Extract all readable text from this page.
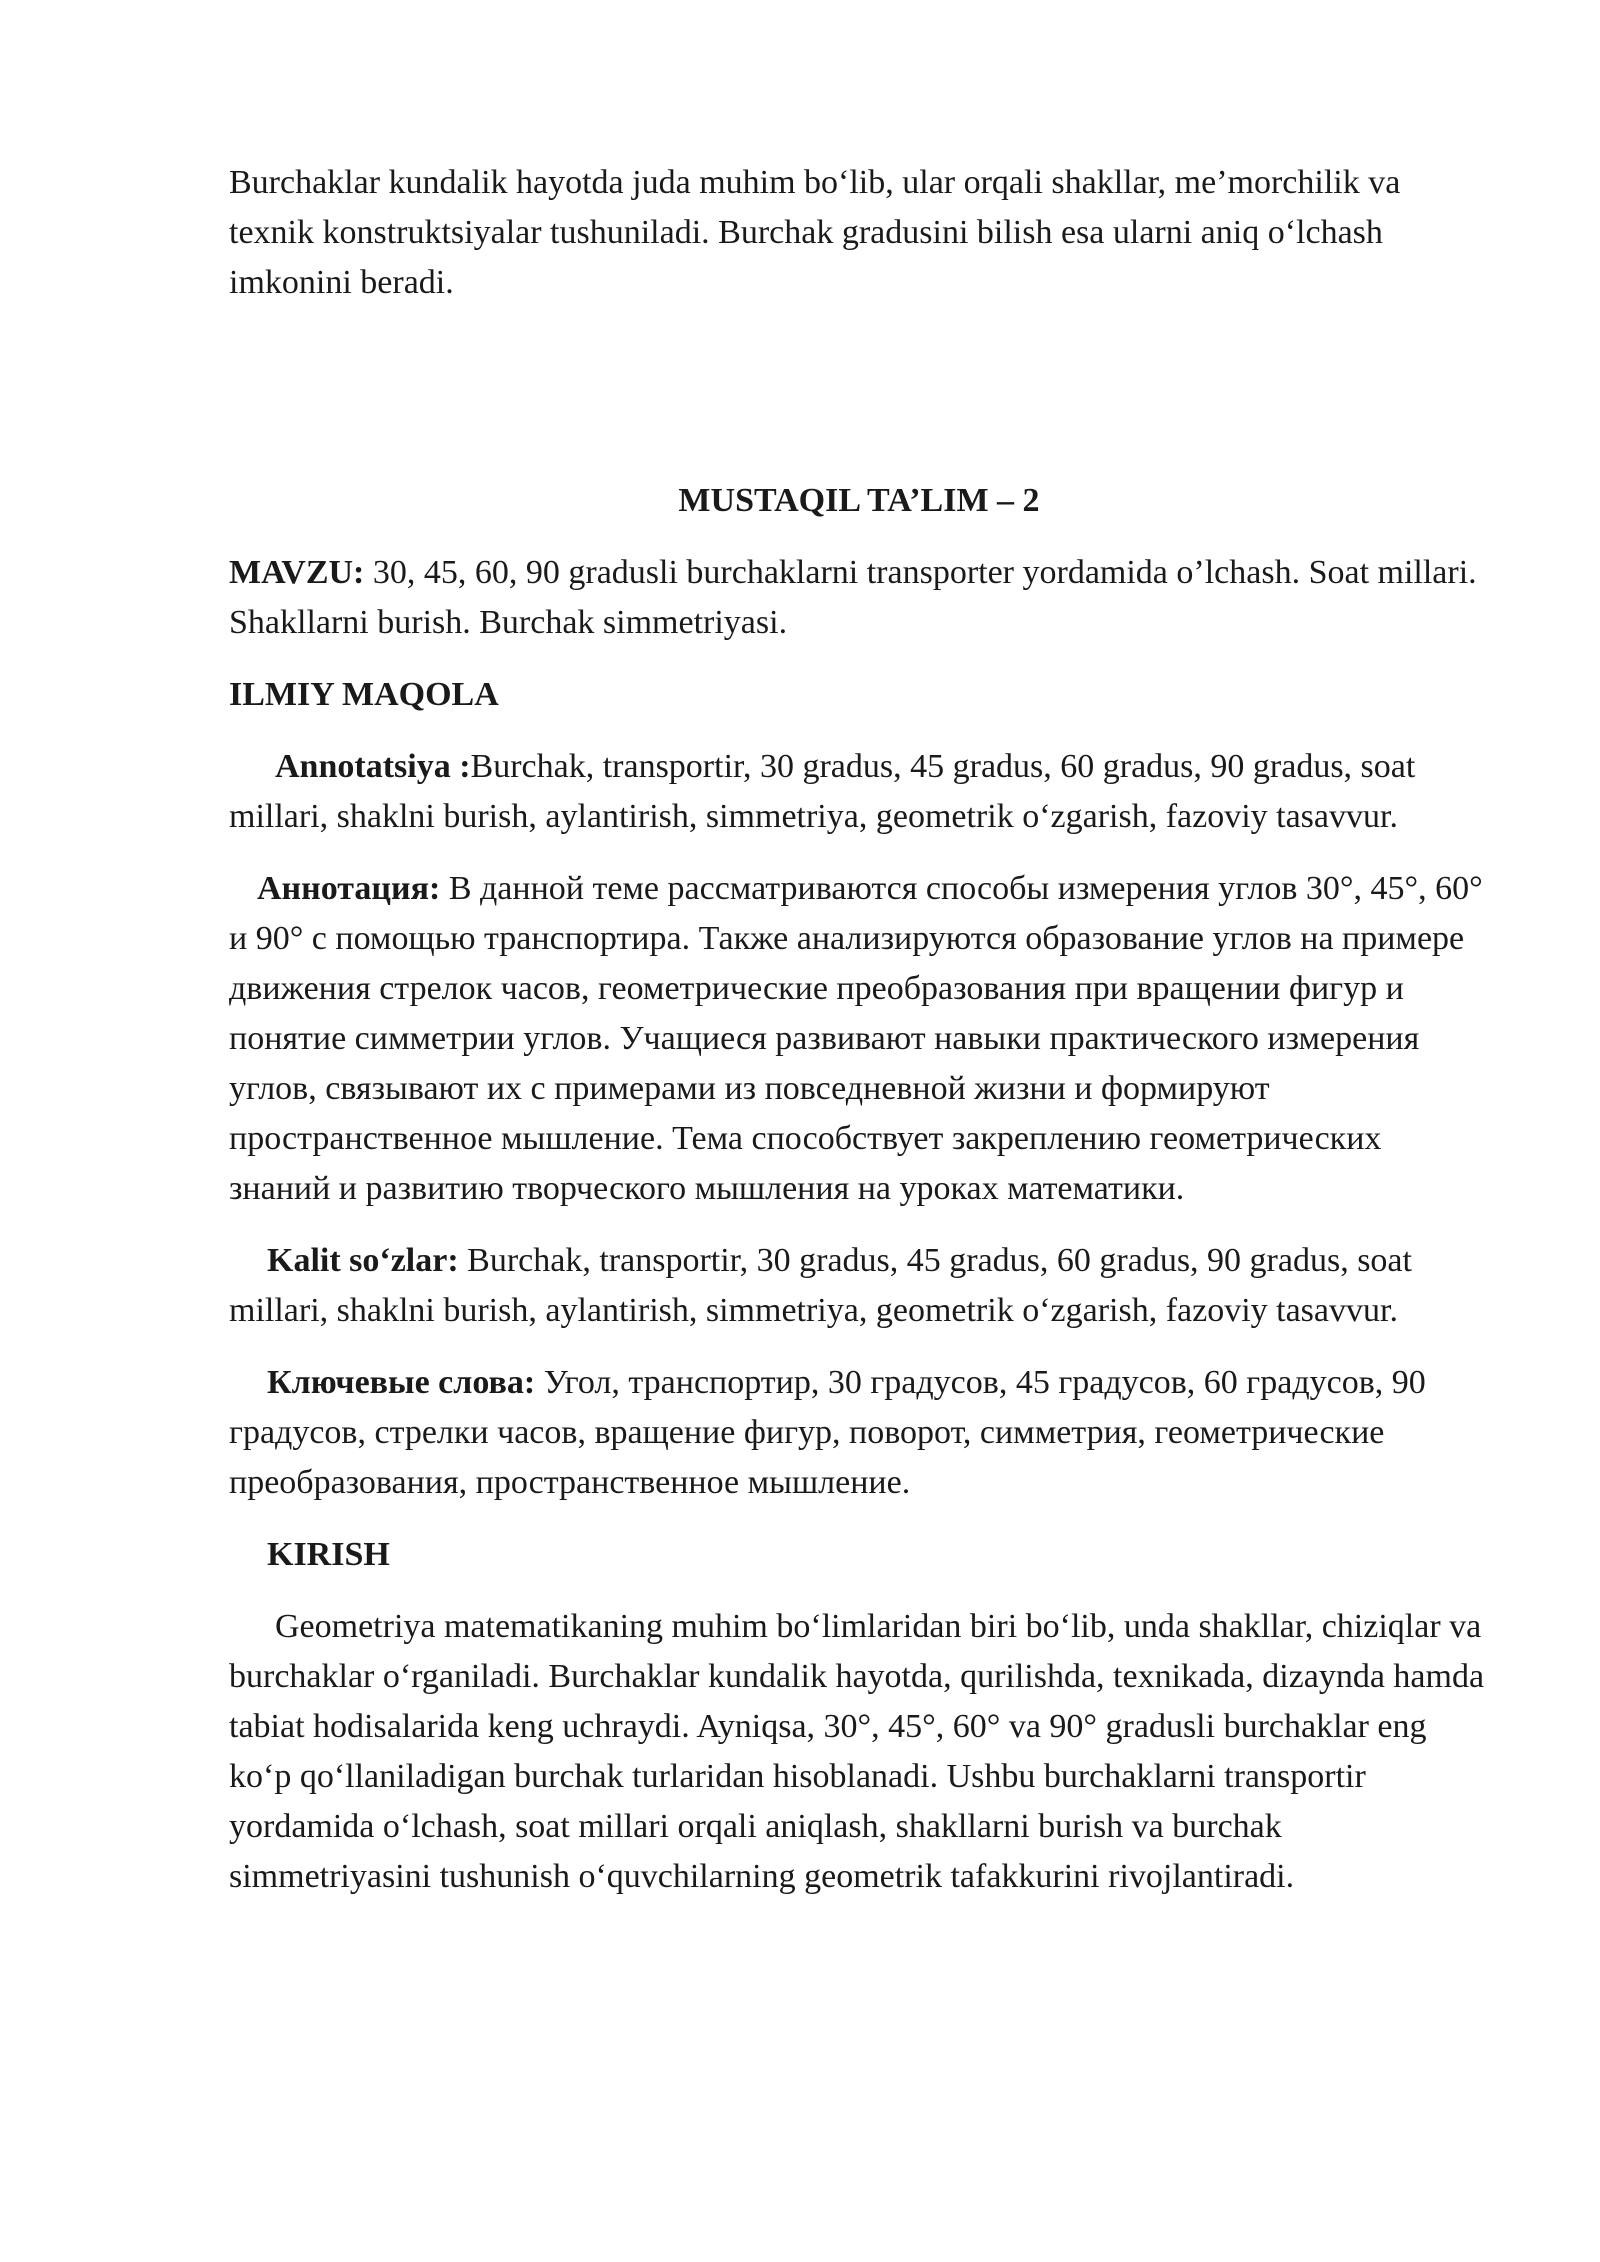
Burchaklar kundalik hayotda juda muhim bo‘lib, ular orqali shakllar, me’morchilik va texnik konstruktsiyalar tushuniladi. Burchak gradusini bilish esa ularni aniq o‘lchash imkonini beradi.

MUSTAQIL TA’LIM – 2

MAVZU: 30, 45, 60, 90 gradusli burchaklarni transporter yordamida o’lchash. Soat millari. Shakllarni burish. Burchak simmetriyasi.

ILMIY MAQOLA

Annotatsiya :Burchak, transportir, 30 gradus, 45 gradus, 60 gradus, 90 gradus, soat millari, shaklni burish, aylantirish, simmetriya, geometrik o‘zgarish, fazoviy tasavvur.

Аннотация: В данной теме рассматриваются способы измерения углов 30°, 45°, 60° и 90° с помощью транспортира. Также анализируются образование углов на примере движения стрелок часов, геометрические преобразования при вращении фигур и понятие симметрии углов. Учащиеся развивают навыки практического измерения углов, связывают их с примерами из повседневной жизни и формируют пространственное мышление. Тема способствует закреплению геометрических знаний и развитию творческого мышления на уроках математики.

Kalit so‘zlar: Burchak, transportir, 30 gradus, 45 gradus, 60 gradus, 90 gradus, soat millari, shaklni burish, aylantirish, simmetriya, geometrik o‘zgarish, fazoviy tasavvur.

Ключевые слова: Угол, транспортир, 30 градусов, 45 градусов, 60 градусов, 90 градусов, стрелки часов, вращение фигур, поворот, симметрия, геометрические преобразования, пространственное мышление.

KIRISH

Geometriya matematikaning muhim bo‘limlaridan biri bo‘lib, unda shakllar, chiziqlar va burchaklar o‘rganiladi. Burchaklar kundalik hayotda, qurilishda, texnikada, dizaynda hamda tabiat hodisalarida keng uchraydi. Ayniqsa, 30°, 45°, 60° va 90° gradusli burchaklar eng ko‘p qo‘llaniladigan burchak turlaridan hisoblanadi. Ushbu burchaklarni transportir yordamida o‘lchash, soat millari orqali aniqlash, shakllarni burish va burchak simmetriyasini tushunish o‘quvchilarning geometrik tafakkurini rivojlantiradi.
